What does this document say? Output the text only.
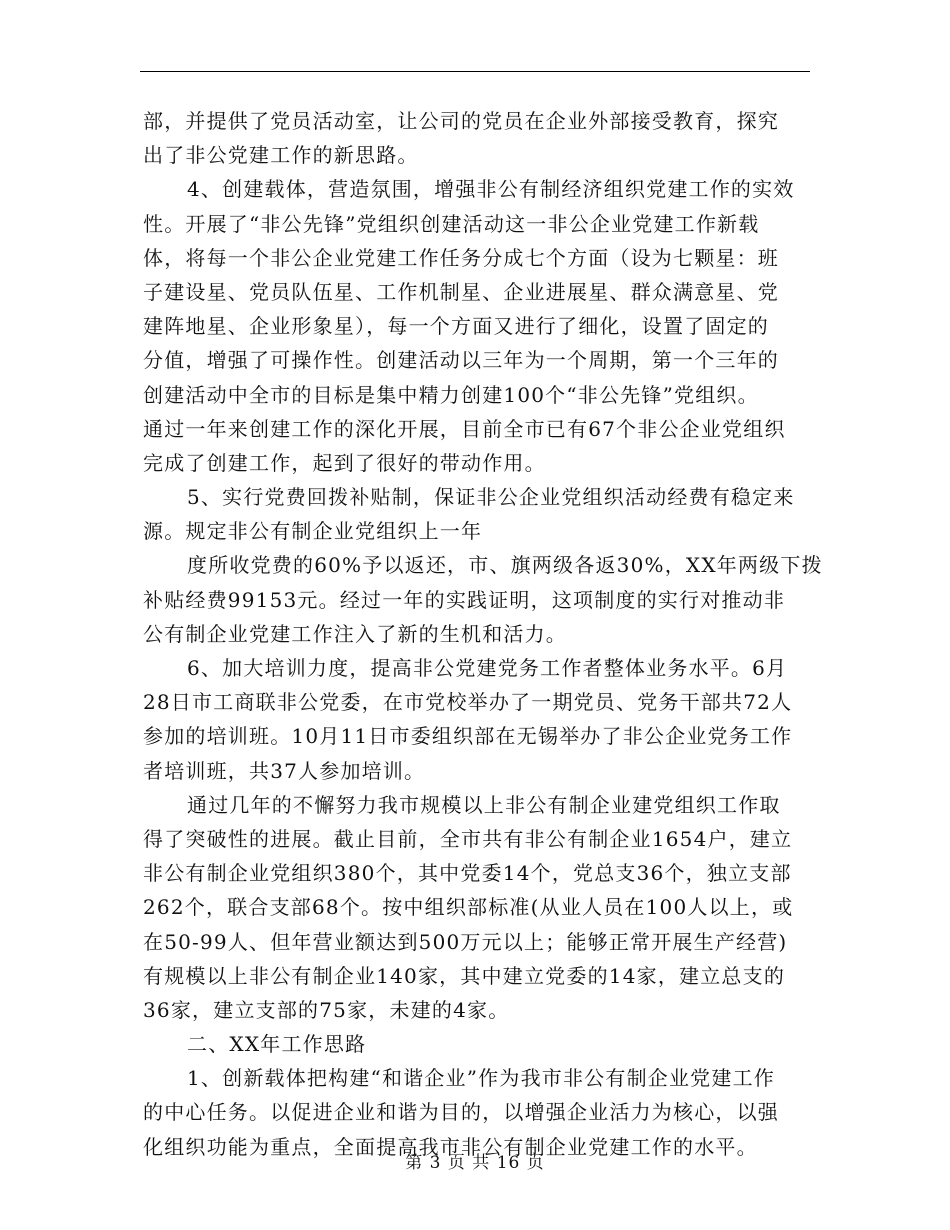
部，并提供了党员活动室，让公司的党员在企业外部接受教育，探究
出了非公党建工作的新思路。
4、创建载体，营造氛围，增强非公有制经济组织党建工作的实效
性。开展了“非公先锋”党组织创建活动这一非公企业党建工作新载
体，将每一个非公企业党建工作任务分成七个方面（设为七颗星：班
子建设星、党员队伍星、工作机制星、企业进展星、群众满意星、党
建阵地星、企业形象星），每一个方面又进行了细化，设置了固定的
分值，增强了可操作性。创建活动以三年为一个周期，第一个三年的
创建活动中全市的目标是集中精力创建100个“非公先锋”党组织。
通过一年来创建工作的深化开展，目前全市已有67个非公企业党组织
完成了创建工作，起到了很好的带动作用。
5、实行党费回拨补贴制，保证非公企业党组织活动经费有稳定来
源。规定非公有制企业党组织上一年
度所收党费的60%予以返还，市、旗两级各返30%，XX年两级下拨
补贴经费99153元。经过一年的实践证明，这项制度的实行对推动非
公有制企业党建工作注入了新的生机和活力。
6、加大培训力度，提高非公党建党务工作者整体业务水平。6月
28日市工商联非公党委，在市党校举办了一期党员、党务干部共72人
参加的培训班。10月11日市委组织部在无锡举办了非公企业党务工作
者培训班，共37人参加培训。
通过几年的不懈努力我市规模以上非公有制企业建党组织工作取
得了突破性的进展。截止目前，全市共有非公有制企业1654户，建立
非公有制企业党组织380个，其中党委14个，党总支36个，独立支部
262个，联合支部68个。按中组织部标准(从业人员在100人以上，或
在50-99人、但年营业额达到500万元以上；能够正常开展生产经营)
有规模以上非公有制企业140家，其中建立党委的14家，建立总支的
36家，建立支部的75家，未建的4家。
二、XX年工作思路
1、创新载体把构建“和谐企业”作为我市非公有制企业党建工作
的中心任务。以促进企业和谐为目的，以增强企业活力为核心，以强
化组织功能为重点，全面提高我市非公有制企业党建工作的水平。
第 3 页 共 16 页
